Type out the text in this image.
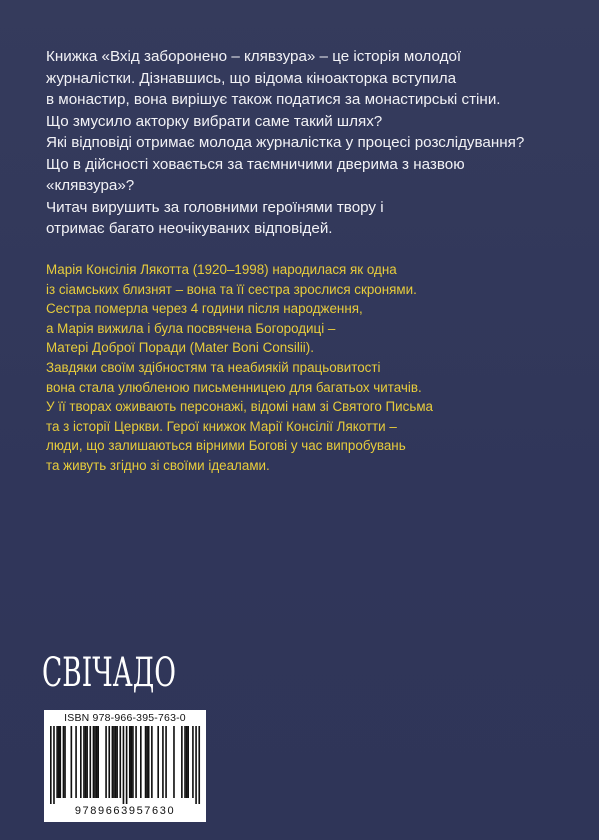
Книжка «Вхід заборонено – клявзура» – це історія молодої
журналістки. Дізнавшись, що відома кіноакторка вступила
в монастир, вона вирішує також податися за монастирські стіни.
Що змусило акторку вибрати саме такий шлях?
Які відповіді отримає молода журналістка у процесі розслідування?
Що в дійсності ховається за таємничими дверима з назвою
«клявзура»?
Читач вирушить за головними героїнями твору і
отримає багато неочікуваних відповідей.
Марія Консілія Лякотта (1920–1998) народилася як одна
із сіамських близнят – вона та її сестра зрослися скронями.
Сестра померла через 4 години після народження,
а Марія вижила і була посвячена Богородиці –
Матері Доброї Поради (Mater Boni Consilii).
Завдяки своїм здібностям та неабиякій працьовитості
вона стала улюбленою письменницею для багатьох читачів.
У її творах оживають персонажі, відомі нам зі Святого Письма
та з історії Церкви. Герої книжок Марії Консілії Лякотти –
люди, що залишаються вірними Богові у час випробувань
та живуть згідно зі своїми ідеалами.
СВІЧАДО
ISBN 978-966-395-763-0
9789663957630
